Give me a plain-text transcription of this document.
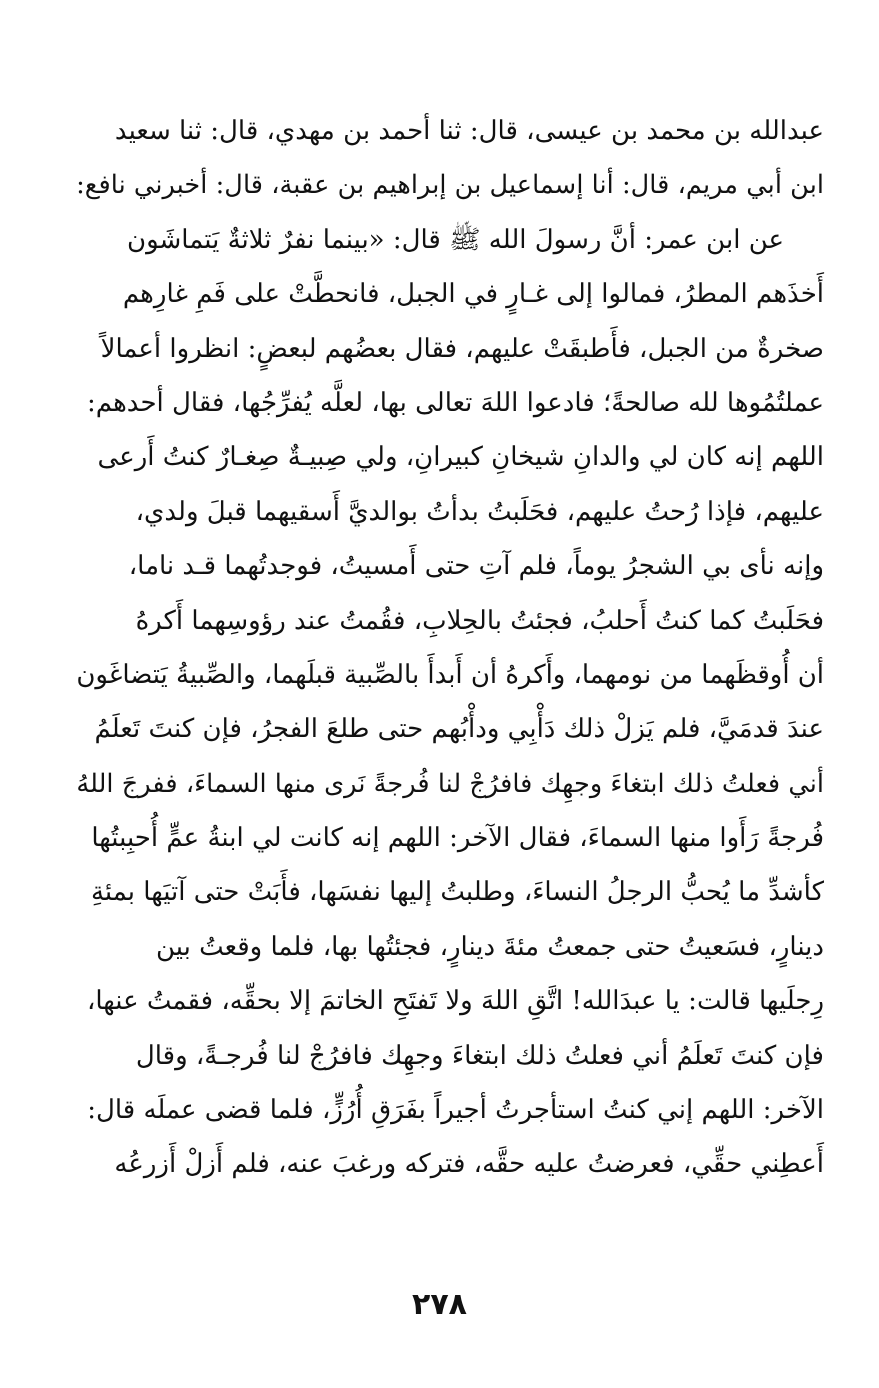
عبدالله بن محمد بن عيسى، قال: ثنا أحمد بن مهدي، قال: ثنا سعيد
ابن أبي مريم، قال: أنا إسماعيل بن إبراهيم بن عقبة، قال: أخبرني نافع:
عن ابن عمر: أنَّ رسولَ الله ﷺ قال: «بينما نفرٌ ثلاثةٌ يَتماشَون
أَخذَهم المطرُ، فمالوا إلى غـارٍ في الجبل، فانحطَّتْ على فَمِ غارِهم
صخرةٌ من الجبل، فأَطبقَتْ عليهم، فقال بعضُهم لبعضٍ: انظروا أعمالاً
عملتُمُوها لله صالحةً؛ فادعوا اللهَ تعالى بها، لعلَّه يُفرِّجُها، فقال أحدهم:
اللهم إنه كان لي والدانِ شيخانِ كبيرانِ، ولي صِبيـةٌ صِغـارٌ كنتُ أَرعى
عليهم، فإذا رُحتُ عليهم، فحَلَبتُ بدأتُ بوالديَّ أَسقيهما قبلَ ولدي،
وإنه نأى بي الشجرُ يوماً، فلم آتِ حتى أَمسيتُ، فوجدتُهما قـد ناما،
فحَلَبتُ كما كنتُ أَحلبُ، فجئتُ بالحِلابِ، فقُمتُ عند رؤوسِهما أَكرهُ
أن أُوقظَهما من نومهما، وأَكرهُ أن أَبدأَ بالصِّبية قبلَهما، والصِّبيةُ يَتضاغَون
عندَ قدمَيَّ، فلم يَزلْ ذلك دَأْبِي ودأْبُهم حتى طلعَ الفجرُ، فإن كنتَ تَعلَمُ
أني فعلتُ ذلك ابتغاءَ وجهِك فافرُجْ لنا فُرجةً نَرى منها السماءَ، ففرجَ اللهُ
فُرجةً رَأَوا منها السماءَ، فقال الآخر: اللهم إنه كانت لي ابنةُ عمٍّ أُحبِبتُها
كأشدِّ ما يُحبُّ الرجلُ النساءَ، وطلبتُ إليها نفسَها، فأَبَتْ حتى آتيَها بمئةِ
دينارٍ، فسَعيتُ حتى جمعتُ مئةَ دينارٍ، فجئتُها بها، فلما وقعتُ بين
رِجلَيها قالت: يا عبدَالله! اتَّقِ اللهَ ولا تَفتَحِ الخاتمَ إلا بحقِّه، فقمتُ عنها،
فإن كنتَ تَعلَمُ أني فعلتُ ذلك ابتغاءَ وجهِك فافرُجْ لنا فُرجـةً، وقال
الآخر: اللهم إني كنتُ استأجرتُ أجيراً بفَرَقِ أُرُزٍّ، فلما قضى عملَه قال:
أَعطِني حقِّي، فعرضتُ عليه حقَّه، فتركه ورغبَ عنه، فلم أَزلْ أَزرعُه
٢٧٨
